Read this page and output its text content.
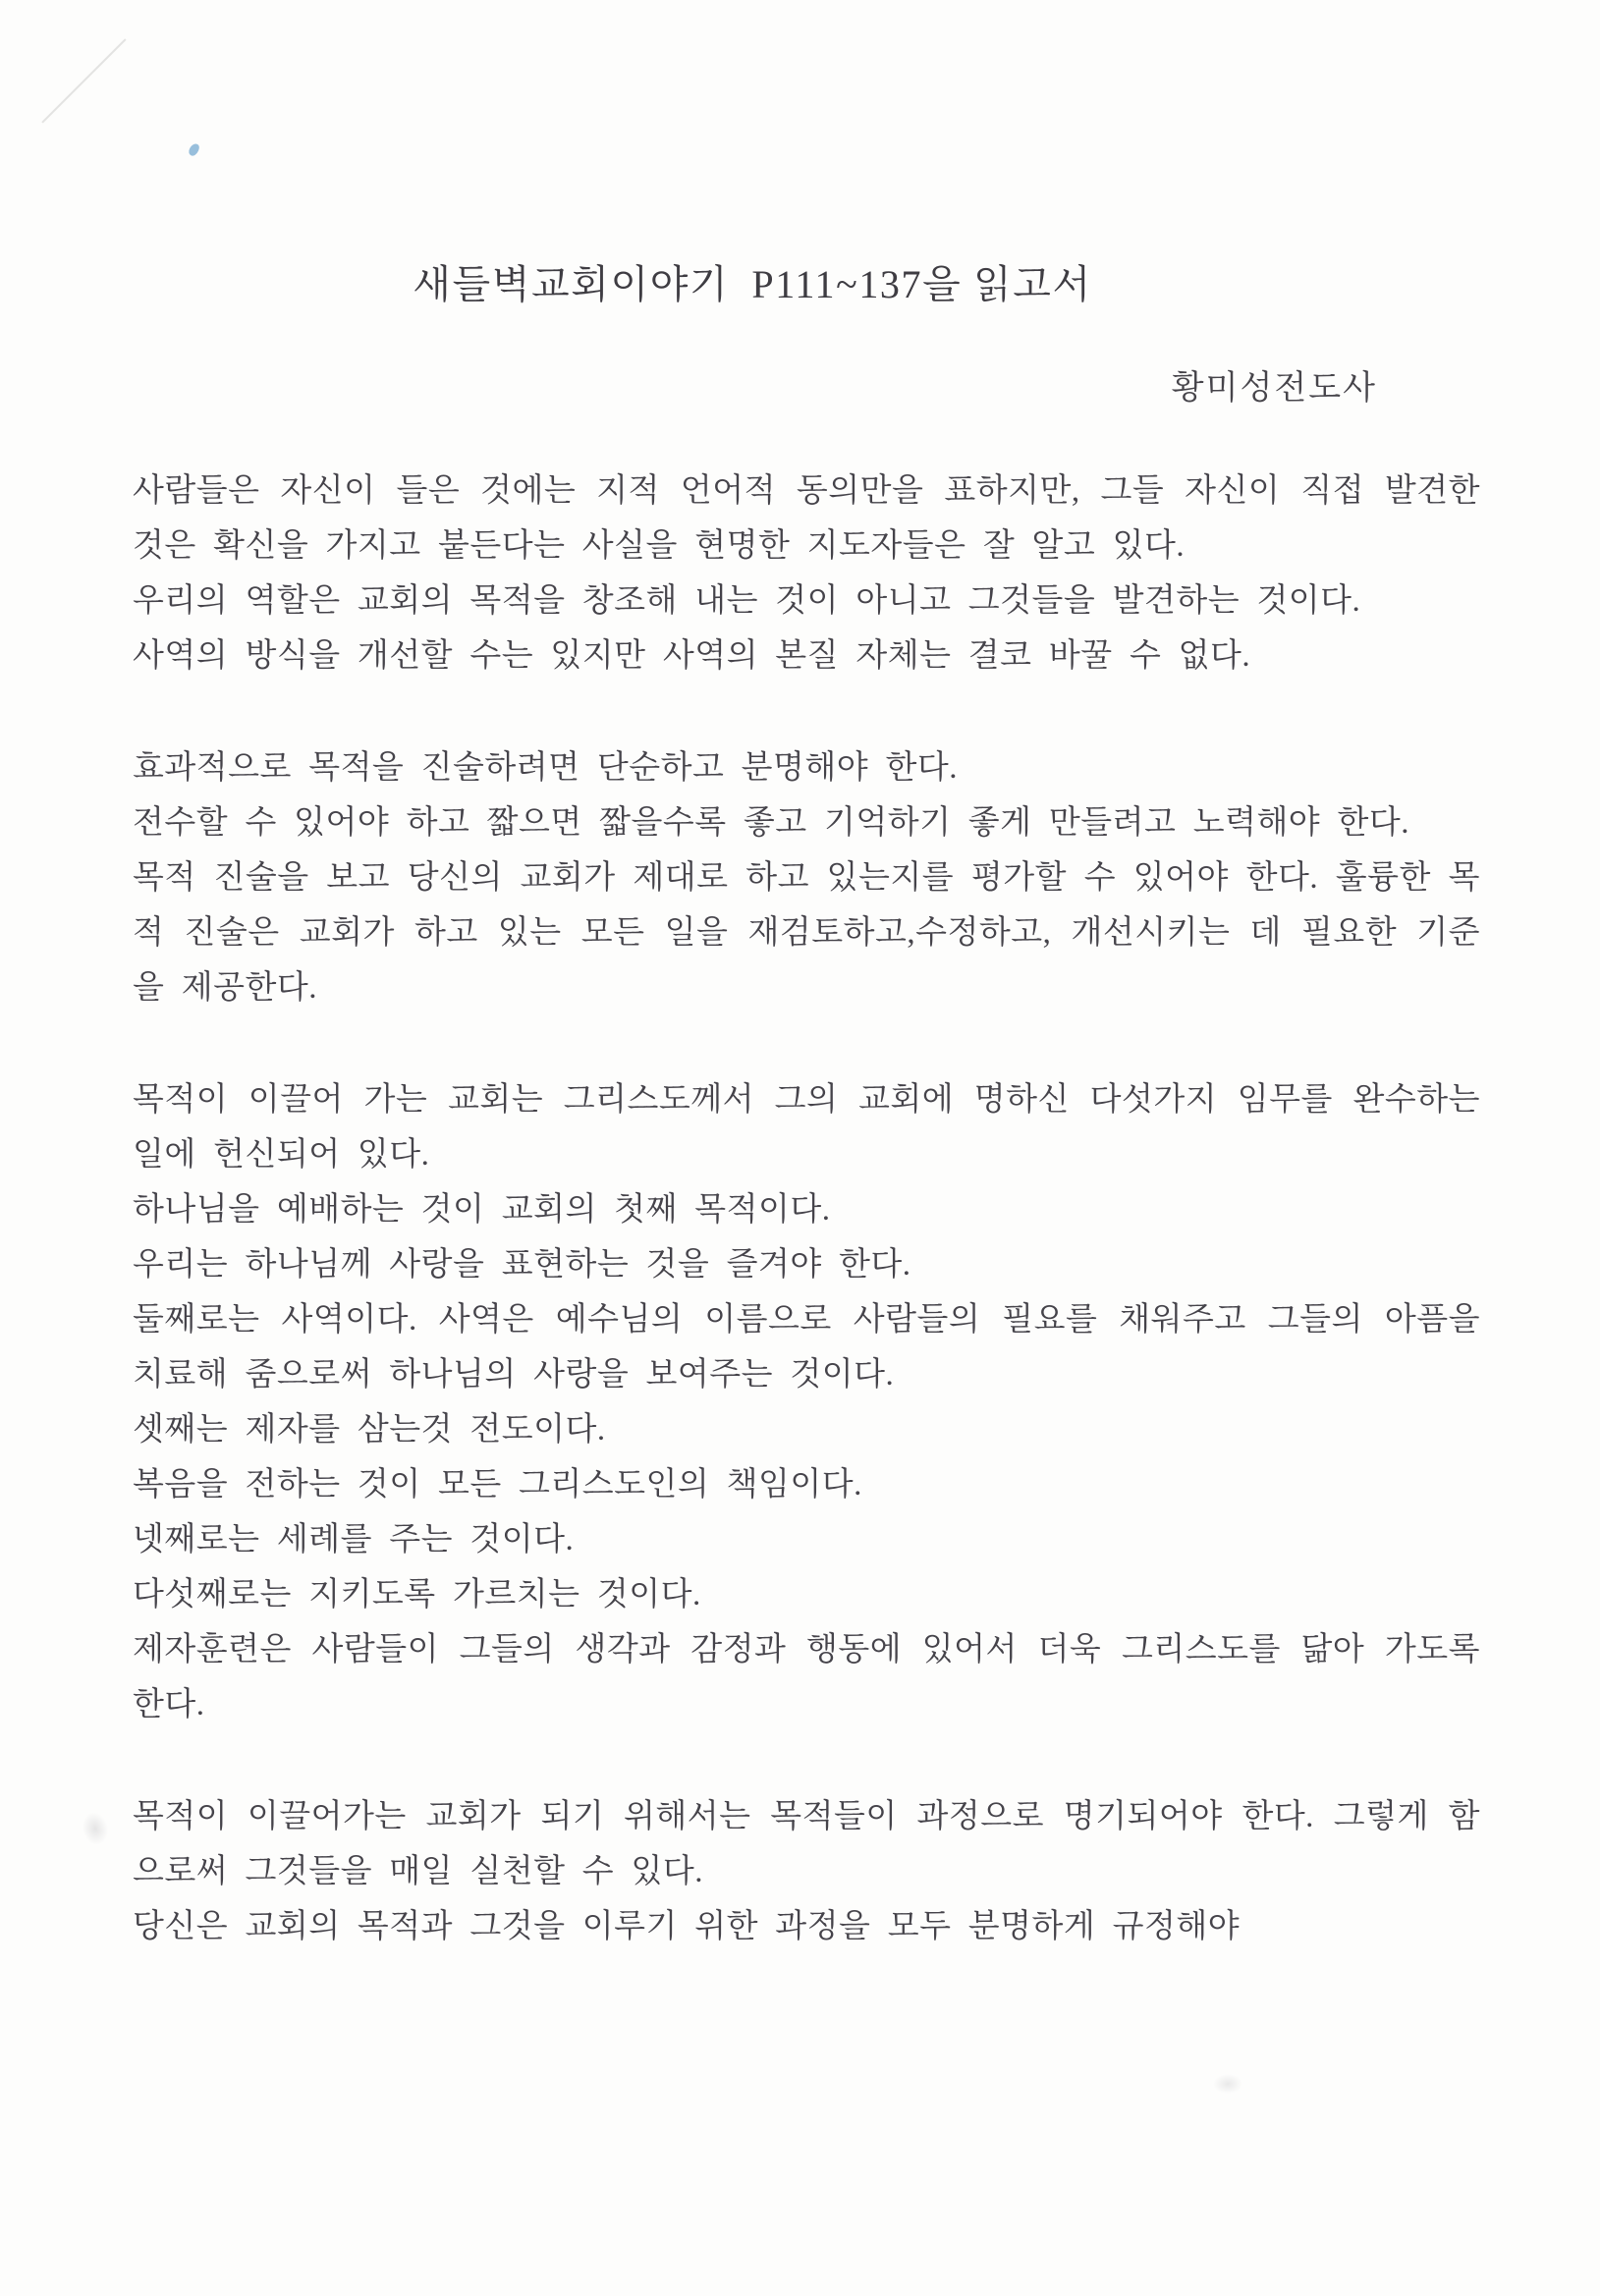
새들벽교회이야기  P111~137을 읽고서
황미성전도사

사람들은 자신이 들은 것에는 지적 언어적 동의만을 표하지만, 그들 자신이 직접 발견한 것은 확신을 가지고 붙든다는 사실을 현명한 지도자들은 잘 알고 있다.

우리의 역할은 교회의 목적을 창조해 내는 것이 아니고 그것들을 발견하는 것이다.

사역의 방식을 개선할 수는 있지만 사역의 본질 자체는 결코 바꿀 수 없다.

효과적으로 목적을 진술하려면 단순하고 분명해야 한다.

전수할 수 있어야 하고 짧으면 짧을수록 좋고 기억하기 좋게 만들려고 노력해야 한다.

목적 진술을 보고 당신의 교회가 제대로 하고 있는지를 평가할 수 있어야 한다. 훌륭한 목적 진술은 교회가 하고 있는 모든 일을 재검토하고,수정하고, 개선시키는 데 필요한 기준을 제공한다.

목적이 이끌어 가는 교회는 그리스도께서 그의 교회에 명하신 다섯가지 임무를 완수하는 일에 헌신되어 있다.

하나님을 예배하는 것이 교회의 첫째 목적이다.

우리는 하나님께 사랑을 표현하는 것을 즐겨야 한다.

둘째로는 사역이다. 사역은 예수님의 이름으로 사람들의 필요를 채워주고 그들의 아픔을 치료해 줌으로써 하나님의 사랑을 보여주는 것이다.

셋째는 제자를 삼는것 전도이다.

복음을 전하는 것이 모든 그리스도인의 책임이다.

넷째로는 세례를 주는 것이다.

다섯째로는 지키도록 가르치는 것이다.

제자훈련은 사람들이 그들의 생각과 감정과 행동에 있어서 더욱 그리스도를 닮아 가도록 한다.

목적이 이끌어가는 교회가 되기 위해서는 목적들이 과정으로 명기되어야 한다. 그렇게 함으로써 그것들을 매일 실천할 수 있다.

당신은 교회의 목적과 그것을 이루기 위한 과정을 모두 분명하게 규정해야
